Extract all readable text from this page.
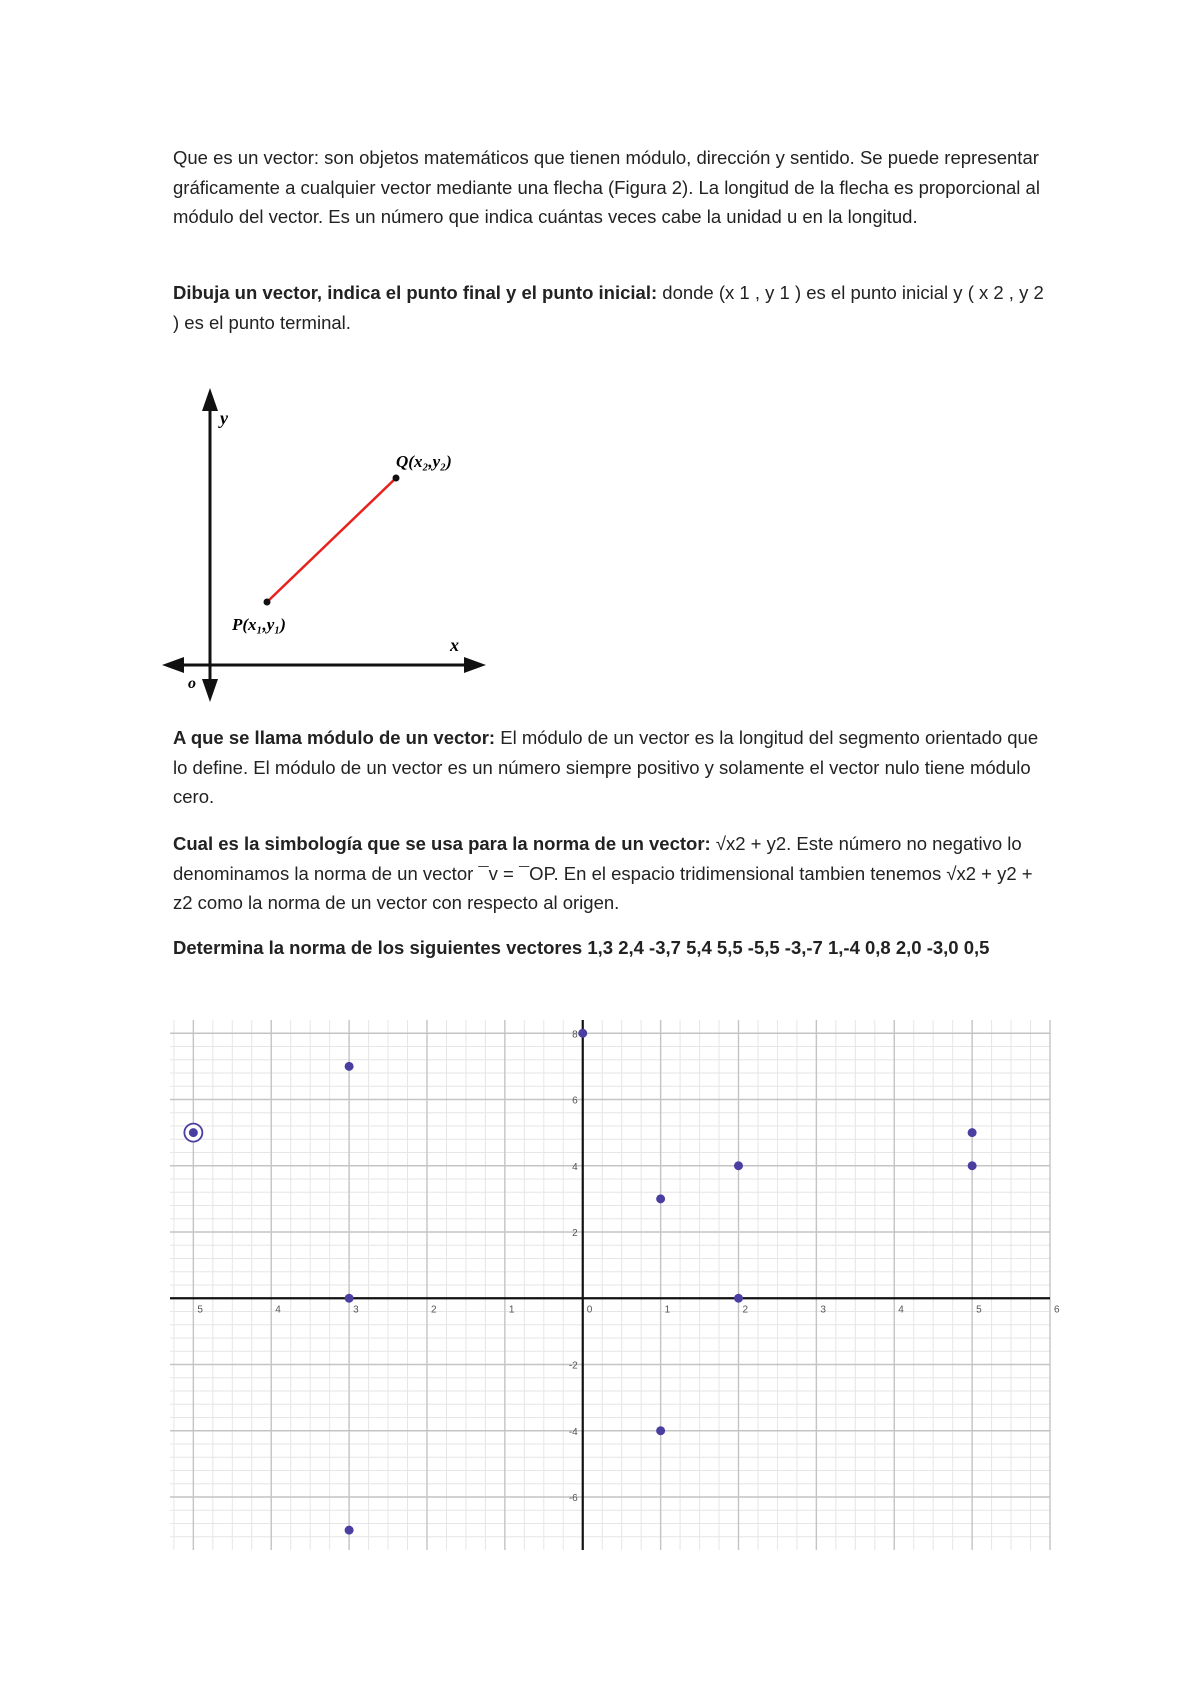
Que es un vector: son objetos matemáticos que tienen módulo, dirección y sentido. Se puede representar gráficamente a cualquier vector mediante una flecha (Figura 2). La longitud de la flecha es proporcional al módulo del vector. Es un número que indica cuántas veces cabe la unidad u en la longitud.

Dibuja un vector, indica el punto final y el punto inicial: donde (x 1 , y 1 ) es el punto inicial y ( x 2 , y 2 ) es el punto terminal.

y
x
o
Q(x₂,y₂)
P(x₁,y₁)

A que se llama módulo de un vector: El módulo de un vector es la longitud del segmento orientado que lo define. El módulo de un vector es un número siempre positivo y solamente el vector nulo tiene módulo cero.

Cual es la simbología que se usa para la norma de un vector: √x2 + y2. Este número no negativo lo denominamos la norma de un vector ¯v = ¯OP. En el espacio tridimensional tambien tenemos √x2 + y2 + z2 como la norma de un vector con respecto al origen.

Determina la norma de los siguientes vectores 1,3 2,4 -3,7 5,4 5,5 -5,5 -3,-7 1,-4 0,8 2,0 -3,0 0,5

5	4	3	2	1	0	1	2	3	4	5	6
8
6
4
2
-2
-4
-6
